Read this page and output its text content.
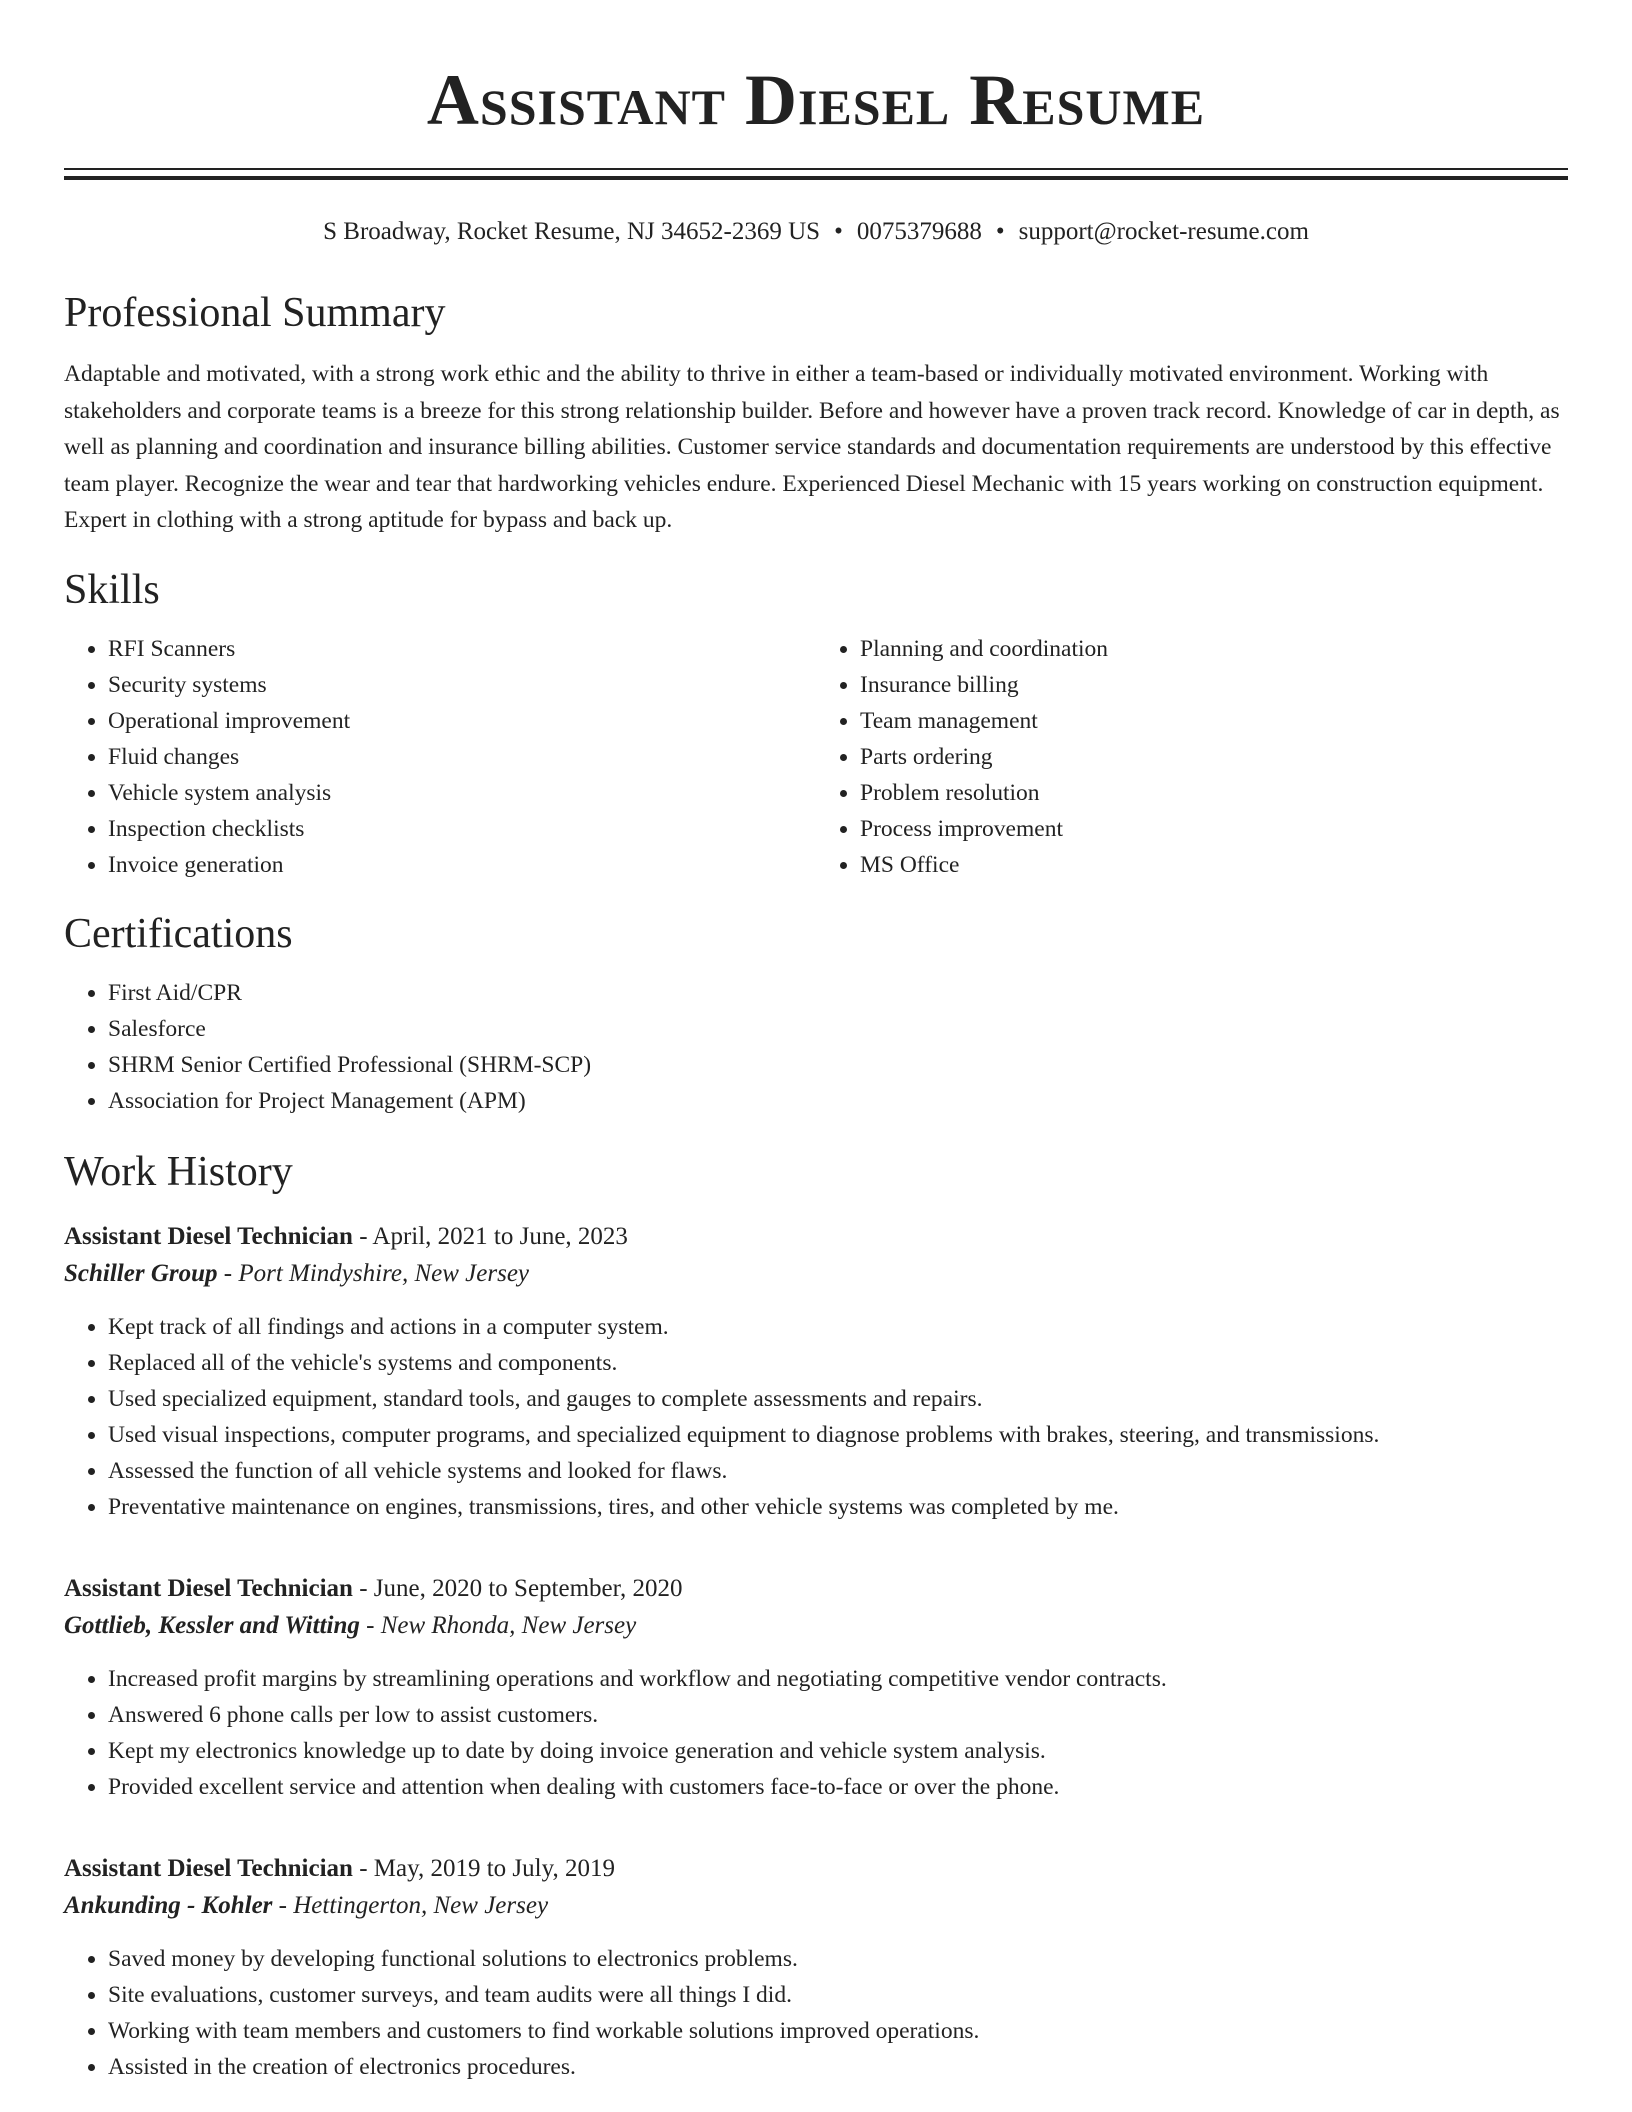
Assistant Diesel Resume
S Broadway, Rocket Resume, NJ 34652-2369 US • 0075379688 • support@rocket-resume.com
Professional Summary

Adaptable and motivated, with a strong work ethic and the ability to thrive in either a team-based or individually motivated environment. Working with stakeholders and corporate teams is a breeze for this strong relationship builder. Before and however have a proven track record. Knowledge of car in depth, as well as planning and coordination and insurance billing abilities. Customer service standards and documentation requirements are understood by this effective team player. Recognize the wear and tear that hardworking vehicles endure. Experienced Diesel Mechanic with 15 years working on construction equipment. Expert in clothing with a strong aptitude for bypass and back up.

Skills
• RFI Scanners
• Security systems
• Operational improvement
• Fluid changes
• Vehicle system analysis
• Inspection checklists
• Invoice generation
• Planning and coordination
• Insurance billing
• Team management
• Parts ordering
• Problem resolution
• Process improvement
• MS Office
Certifications
• First Aid/CPR
• Salesforce
• SHRM Senior Certified Professional (SHRM-SCP)
• Association for Project Management (APM)
Work History
Assistant Diesel Technician - April, 2021 to June, 2023
Schiller Group - Port Mindyshire, New Jersey
• Kept track of all findings and actions in a computer system.
• Replaced all of the vehicle's systems and components.
• Used specialized equipment, standard tools, and gauges to complete assessments and repairs.
• Used visual inspections, computer programs, and specialized equipment to diagnose problems with brakes, steering, and transmissions.
• Assessed the function of all vehicle systems and looked for flaws.
• Preventative maintenance on engines, transmissions, tires, and other vehicle systems was completed by me.
Assistant Diesel Technician - June, 2020 to September, 2020
Gottlieb, Kessler and Witting - New Rhonda, New Jersey
• Increased profit margins by streamlining operations and workflow and negotiating competitive vendor contracts.
• Answered 6 phone calls per low to assist customers.
• Kept my electronics knowledge up to date by doing invoice generation and vehicle system analysis.
• Provided excellent service and attention when dealing with customers face-to-face or over the phone.
Assistant Diesel Technician - May, 2019 to July, 2019
Ankunding - Kohler - Hettingerton, New Jersey
• Saved money by developing functional solutions to electronics problems.
• Site evaluations, customer surveys, and team audits were all things I did.
• Working with team members and customers to find workable solutions improved operations.
• Assisted in the creation of electronics procedures.
